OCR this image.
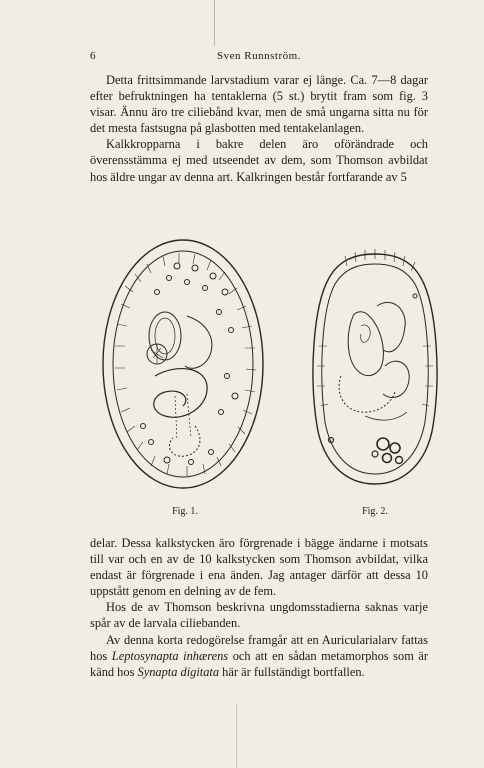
6	Sven Runnström.

Detta frittsimmande larvstadium varar ej länge. Ca. 7—8 dagar efter befruktningen ha tentaklerna (5 st.) brytit fram som fig. 3 visar. Ännu äro tre ciliebånd kvar, men de små ungarna sitta nu för det mesta fastsugna på glasbotten med tentakelanlagen.

Kalkkropparna i bakre delen äro oförändrade och överensstämma ej med utseendet av dem, som Thomson avbildat hos äldre ungar av denna art. Kalkringen består fortfarande av 5

Fig. 1.	Fig. 2.

delar. Dessa kalkstycken äro förgrenade i bägge ändarne i motsats till var och en av de 10 kalkstycken som Thomson avbildat, vilka endast är förgrenade i ena änden. Jag antager därför att dessa 10 uppstått genom en delning av de fem.

Hos de av Thomson beskrivna ungdomsstadierna saknas varje spår av de larvala ciliebanden.

Av denna korta redogörelse framgår att en Auricularialarv fattas hos Leptosynapta inhærens och att en sådan metamorphos som är känd hos Synapta digitata här är fullständigt bortfallen.
